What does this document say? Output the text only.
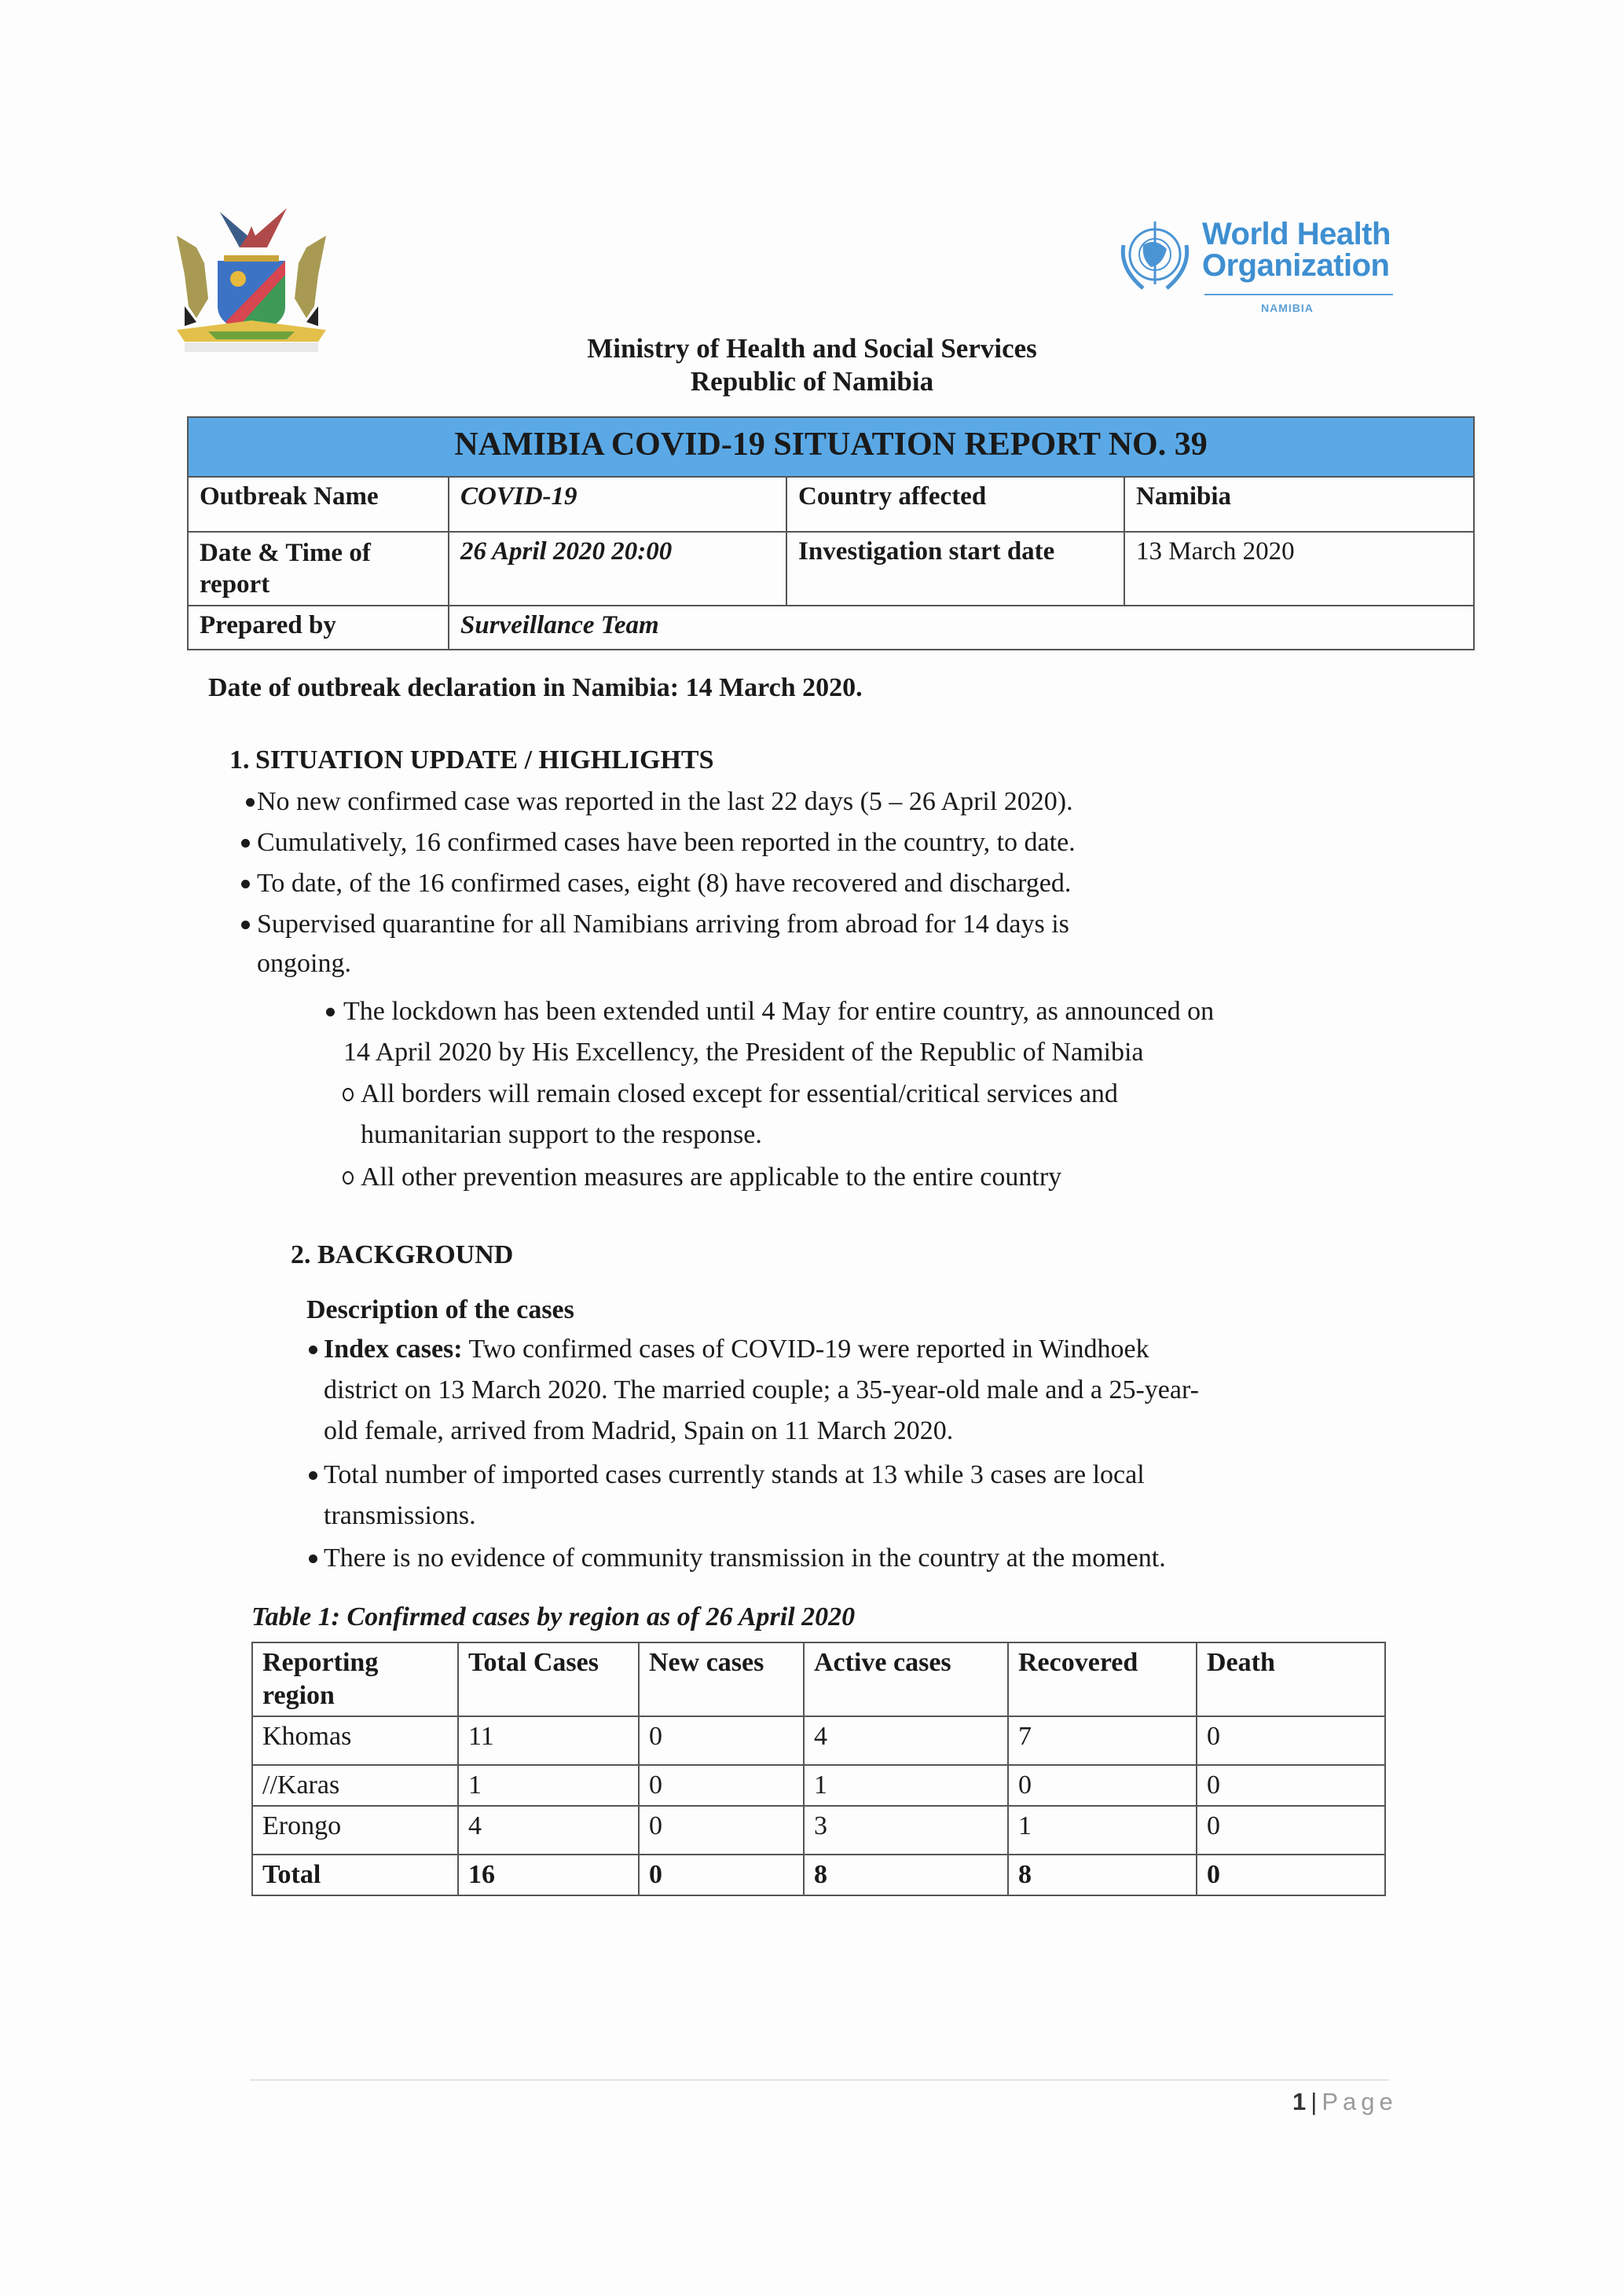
World Health
Organization
NAMIBIA
Ministry of Health and Social Services
Republic of Namibia
NAMIBIA COVID-19 SITUATION REPORT NO. 39			
Outbreak Name	COVID-19	Country affected	Namibia
Date & Time of report	26 April 2020 20:00	Investigation start date	13 March 2020
Prepared by	Surveillance Team		
Date of outbreak declaration in Namibia: 14 March 2020.
1. SITUATION UPDATE / HIGHLIGHTS
No new confirmed case was reported in the last 22 days (5 – 26 April 2020).
Cumulatively, 16 confirmed cases have been reported in the country, to date.
To date, of the 16 confirmed cases, eight (8) have recovered and discharged.
Supervised quarantine for all Namibians arriving from abroad for 14 days is
ongoing.
The lockdown has been extended until 4 May for entire country, as announced on
14 April 2020 by His Excellency, the President of the Republic of Namibia
All borders will remain closed except for essential/critical services and
humanitarian support to the response.
All other prevention measures are applicable to the entire country
2. BACKGROUND
Description of the cases
Index cases: Two confirmed cases of COVID-19 were reported in Windhoek
district on 13 March 2020. The married couple; a 35-year-old male and a 25-year-
old female, arrived from Madrid, Spain on 11 March 2020.
Total number of imported cases currently stands at 13 while 3 cases are local
transmissions.
There is no evidence of community transmission in the country at the moment.
Table 1: Confirmed cases by region as of 26 April 2020
Reporting region	Total Cases	New cases	Active cases	Recovered	Death
Khomas	11	0	4	7	0
//Karas	1	0	1	0	0
Erongo	4	0	3	1	0
Total	16	0	8	8	0
1 | Page
